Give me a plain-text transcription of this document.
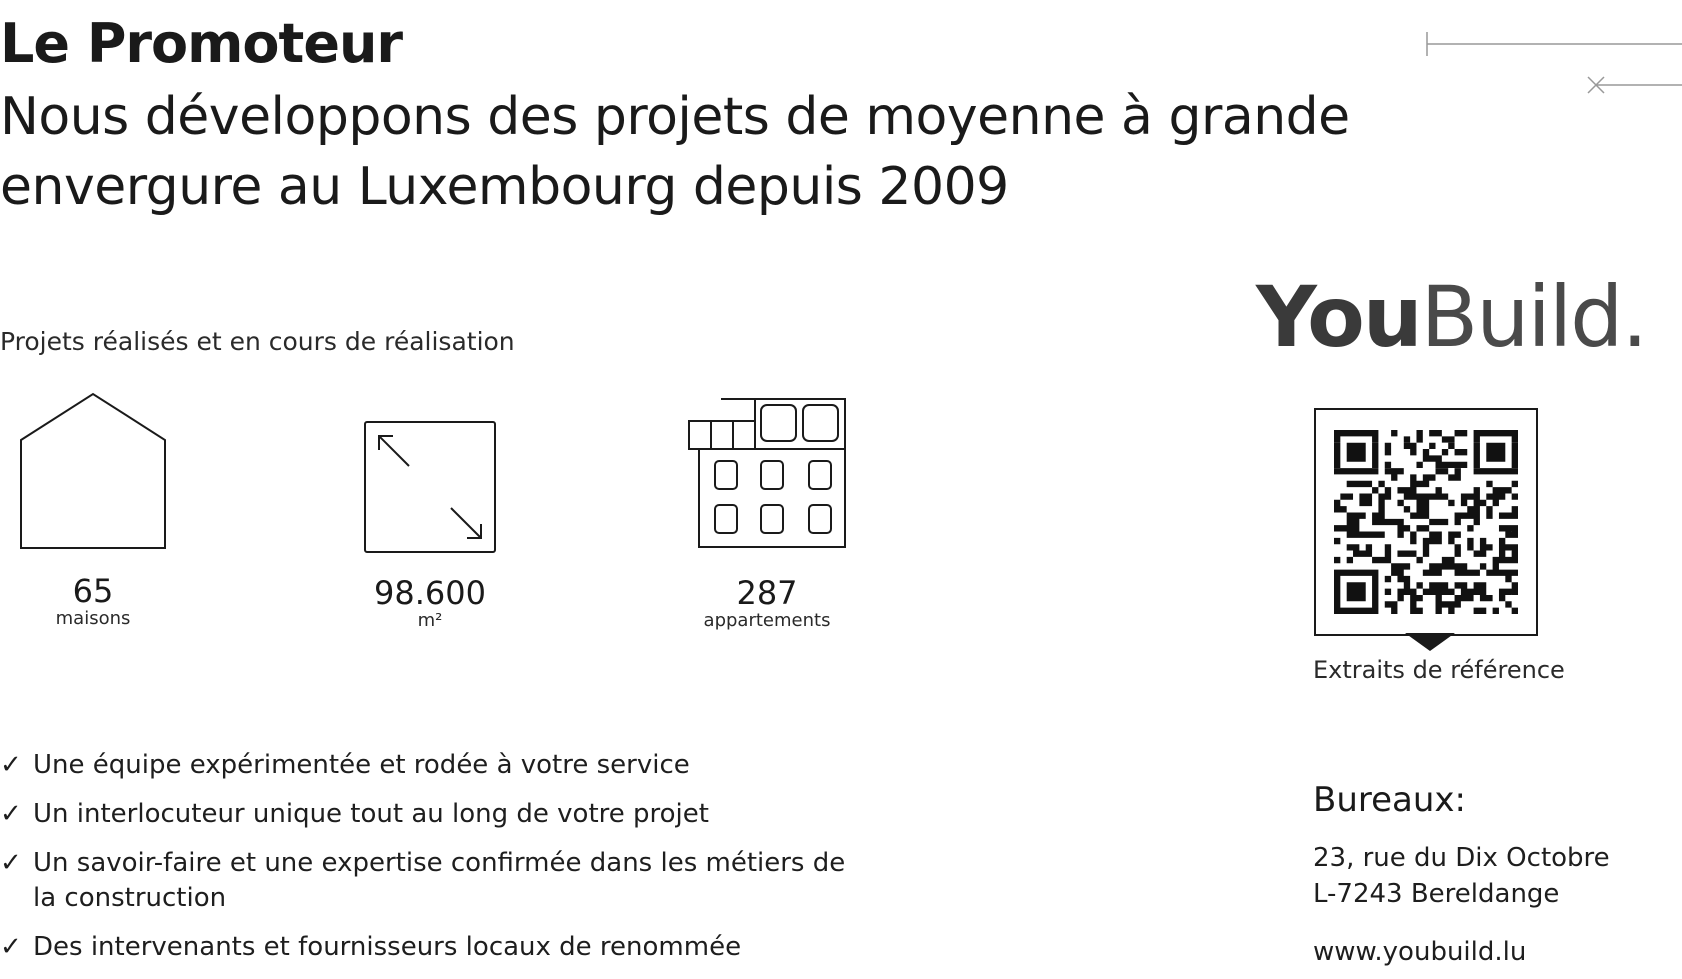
Le Promoteur
Nous développons des projets de moyenne à grande envergure au Luxembourg depuis 2009
Projets réalisés et en cours de réalisation
65
maisons
98.600
m²
287
appartements
✓ Une équipe expérimentée et rodée à votre service
✓ Un interlocuteur unique tout au long de votre projet
✓ Un savoir-faire et une expertise confirmée dans les métiers de la construction
✓ Des intervenants et fournisseurs locaux de renommée
YouBuild.
Extraits de référence
Bureaux:
23, rue du Dix Octobre
L-7243 Bereldange
www.youbuild.lu
